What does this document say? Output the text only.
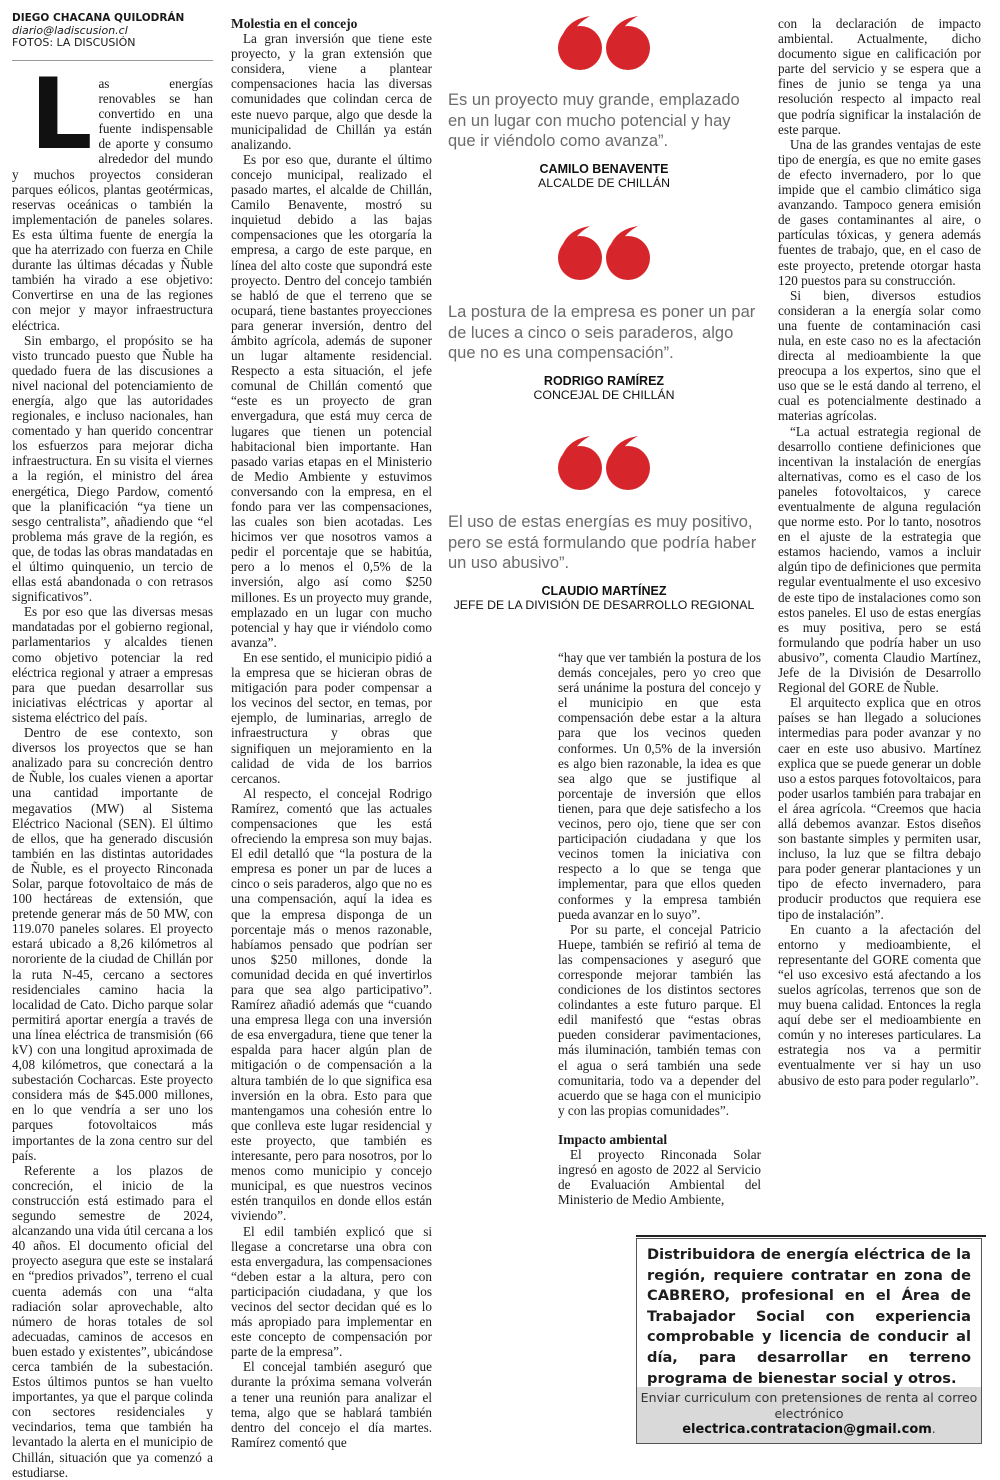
DIEGO CHACANA QUILODRÁN
diario@ladiscusion.cl
FOTOS: LA DISCUSIÓN

Las energías renovables se han convertido en una fuente indispensable de aporte y consumo alrededor del mundo y muchos proyectos consideran parques eólicos, plantas geotérmicas, reservas oceánicas o también la implementación de paneles solares. Es esta última fuente de energía la que ha aterrizado con fuerza en Chile durante las últimas décadas y Ñuble también ha virado a ese objetivo: Convertirse en una de las regiones con mejor y mayor infraestructura eléctrica.

Sin embargo, el propósito se ha visto truncado puesto que Ñuble ha quedado fuera de las discusiones a nivel nacional del potenciamiento de energía, algo que las autoridades regionales, e incluso nacionales, han comentado y han querido concentrar los esfuerzos para mejorar dicha infraestructura. En su visita el viernes a la región, el ministro del área energética, Diego Pardow, comentó que la planificación “ya tiene un sesgo centralista”, añadiendo que “el problema más grave de la región, es que, de todas las obras mandatadas en el último quinquenio, un tercio de ellas está abandonada o con retrasos significativos”.

Es por eso que las diversas mesas mandatadas por el gobierno regional, parlamentarios y alcaldes tienen como objetivo potenciar la red eléctrica regional y atraer a empresas para que puedan desarrollar sus iniciativas eléctricas y aportar al sistema eléctrico del país.

Dentro de ese contexto, son diversos los proyectos que se han analizado para su concreción dentro de Ñuble, los cuales vienen a aportar una cantidad importante de megavatios (MW) al Sistema Eléctrico Nacional (SEN). El último de ellos, que ha generado discusión también en las distintas autoridades de Ñuble, es el proyecto Rinconada Solar, parque fotovoltaico de más de 100 hectáreas de extensión, que pretende generar más de 50 MW, con 119.070 paneles solares. El proyecto estará ubicado a 8,26 kilómetros al nororiente de la ciudad de Chillán por la ruta N-45, cercano a sectores residenciales camino hacia la localidad de Cato. Dicho parque solar permitirá aportar energía a través de una línea eléctrica de transmisión (66 kV) con una longitud aproximada de 4,08 kilómetros, que conectará a la subestación Cocharcas. Este proyecto considera más de $45.000 millones, en lo que vendría a ser uno los parques fotovoltaicos más importantes de la zona centro sur del país.

Referente a los plazos de concreción, el inicio de la construcción está estimado para el segundo semestre de 2024, alcanzando una vida útil cercana a los 40 años. El documento oficial del proyecto asegura que este se instalará en “predios privados”, terreno el cual cuenta además con una “alta radiación solar aprovechable, alto número de horas totales de sol adecuadas, caminos de accesos en buen estado y existentes”, ubicándose cerca también de la subestación. Estos últimos puntos se han vuelto importantes, ya que el parque colinda con sectores residenciales y vecindarios, tema que también ha levantado la alerta en el municipio de Chillán, situación que ya comenzó a estudiarse.

Molestia en el concejo

La gran inversión que tiene este proyecto, y la gran extensión que considera, viene a plantear compensaciones hacia las diversas comunidades que colindan cerca de este nuevo parque, algo que desde la municipalidad de Chillán ya están analizando.

Es por eso que, durante el último concejo municipal, realizado el pasado martes, el alcalde de Chillán, Camilo Benavente, mostró su inquietud debido a las bajas compensaciones que les otorgaría la empresa, a cargo de este parque, en línea del alto coste que supondrá este proyecto. Dentro del concejo también se habló de que el terreno que se ocupará, tiene bastantes proyecciones para generar inversión, dentro del ámbito agrícola, además de suponer un lugar altamente residencial. Respecto a esta situación, el jefe comunal de Chillán comentó que “este es un proyecto de gran envergadura, que está muy cerca de lugares que tienen un potencial habitacional bien importante. Han pasado varias etapas en el Ministerio de Medio Ambiente y estuvimos conversando con la empresa, en el fondo para ver las compensaciones, las cuales son bien acotadas. Les hicimos ver que nosotros vamos a pedir el porcentaje que se habitúa, pero a lo menos el 0,5% de la inversión, algo así como $250 millones. Es un proyecto muy grande, emplazado en un lugar con mucho potencial y hay que ir viéndolo como avanza”.

En ese sentido, el municipio pidió a la empresa que se hicieran obras de mitigación para poder compensar a los vecinos del sector, en temas, por ejemplo, de luminarias, arreglo de infraestructura y obras que signifiquen un mejoramiento en la calidad de vida de los barrios cercanos.

Al respecto, el concejal Rodrigo Ramírez, comentó que las actuales compensaciones que les está ofreciendo la empresa son muy bajas. El edil detalló que “la postura de la empresa es poner un par de luces a cinco o seis paraderos, algo que no es una compensación, aquí la idea es que la empresa disponga de un porcentaje más o menos razonable, habíamos pensado que podrían ser unos $250 millones, donde la comunidad decida en qué invertirlos para que sea algo participativo”. Ramírez añadió además que “cuando una empresa llega con una inversión de esa envergadura, tiene que tener la espalda para hacer algún plan de mitigación o de compensación a la altura también de lo que significa esa inversión en la obra. Esto para que mantengamos una cohesión entre lo que conlleva este lugar residencial y este proyecto, que también es interesante, pero para nosotros, por lo menos como municipio y concejo municipal, es que nuestros vecinos estén tranquilos en donde ellos están viviendo”.

El edil también explicó que si llegase a concretarse una obra con esta envergadura, las compensaciones “deben estar a la altura, pero con participación ciudadana, y que los vecinos del sector decidan qué es lo más apropiado para implementar en este concepto de compensación por parte de la empresa”.

El concejal también aseguró que durante la próxima semana volverán a tener una reunión para analizar el tema, algo que se hablará también dentro del concejo el día martes. Ramírez comentó que

Es un proyecto muy grande, emplazado en un lugar con mucho potencial y hay que ir viéndolo como avanza”.
CAMILO BENAVENTE
ALCALDE DE CHILLÁN
La postura de la empresa es poner un par de luces a cinco o seis paraderos, algo que no es una compensación”.
RODRIGO RAMÍREZ
CONCEJAL DE CHILLÁN
El uso de estas energías es muy positivo, pero se está formulando que podría haber un uso abusivo”.
CLAUDIO MARTÍNEZ
JEFE DE LA DIVISIÓN DE DESARROLLO REGIONAL

“hay que ver también la postura de los demás concejales, pero yo creo que será unánime la postura del concejo y el municipio en que esta compensación debe estar a la altura para que los vecinos queden conformes. Un 0,5% de la inversión es algo bien razonable, la idea es que sea algo que se justifique al porcentaje de inversión que ellos tienen, para que deje satisfecho a los vecinos, pero ojo, tiene que ser con participación ciudadana y que los vecinos tomen la iniciativa con respecto a lo que se tenga que implementar, para que ellos queden conformes y la empresa también pueda avanzar en lo suyo”.

Por su parte, el concejal Patricio Huepe, también se refirió al tema de las compensaciones y aseguró que corresponde mejorar también las condiciones de los distintos sectores colindantes a este futuro parque. El edil manifestó que “estas obras pueden considerar pavimentaciones, más iluminación, también temas con el agua o será también una sede comunitaria, todo va a depender del acuerdo que se haga con el municipio y con las propias comunidades”.

Impacto ambiental

El proyecto Rinconada Solar ingresó en agosto de 2022 al Servicio de Evaluación Ambiental del Ministerio de Medio Ambiente,

con la declaración de impacto ambiental. Actualmente, dicho documento sigue en calificación por parte del servicio y se espera que a fines de junio se tenga ya una resolución respecto al impacto real que podría significar la instalación de este parque.

Una de las grandes ventajas de este tipo de energía, es que no emite gases de efecto invernadero, por lo que impide que el cambio climático siga avanzando. Tampoco genera emisión de gases contaminantes al aire, o partículas tóxicas, y genera además fuentes de trabajo, que, en el caso de este proyecto, pretende otorgar hasta 120 puestos para su construcción.

Si bien, diversos estudios consideran a la energía solar como una fuente de contaminación casi nula, en este caso no es la afectación directa al medioambiente la que preocupa a los expertos, sino que el uso que se le está dando al terreno, el cual es potencialmente destinado a materias agrícolas.

“La actual estrategia regional de desarrollo contiene definiciones que incentivan la instalación de energías alternativas, como es el caso de los paneles fotovoltaicos, y carece eventualmente de alguna regulación que norme esto. Por lo tanto, nosotros en el ajuste de la estrategia que estamos haciendo, vamos a incluir algún tipo de definiciones que permita regular eventualmente el uso excesivo de este tipo de instalaciones como son estos paneles. El uso de estas energías es muy positiva, pero se está formulando que podría haber un uso abusivo”, comenta Claudio Martínez, Jefe de la División de Desarrollo Regional del GORE de Ñuble.

El arquitecto explica que en otros países se han llegado a soluciones intermedias para poder avanzar y no caer en este uso abusivo. Martínez explica que se puede generar un doble uso a estos parques fotovoltaicos, para poder usarlos también para trabajar en el área agrícola. “Creemos que hacia allá debemos avanzar. Estos diseños son bastante simples y permiten usar, incluso, la luz que se filtra debajo para poder generar plantaciones y un tipo de efecto invernadero, para producir productos que requiera ese tipo de instalación”.

En cuanto a la afectación del entorno y medioambiente, el representante del GORE comenta que “el uso excesivo está afectando a los suelos agrícolas, terrenos que son de muy buena calidad. Entonces la regla aquí debe ser el medioambiente en común y no intereses particulares. La estrategia nos va a permitir eventualmente ver si hay un uso abusivo de esto para poder regularlo”.

Distribuidora de energía eléctrica de la región, requiere contratar en zona de CABRERO, profesional en el Área de Trabajador Social con experiencia comprobable y licencia de conducir al día, para desarrollar en terreno programa de bienestar social y otros.
Enviar curriculum con pretensiones de renta al correo electrónico
electrica.contratacion@gmail.com.
